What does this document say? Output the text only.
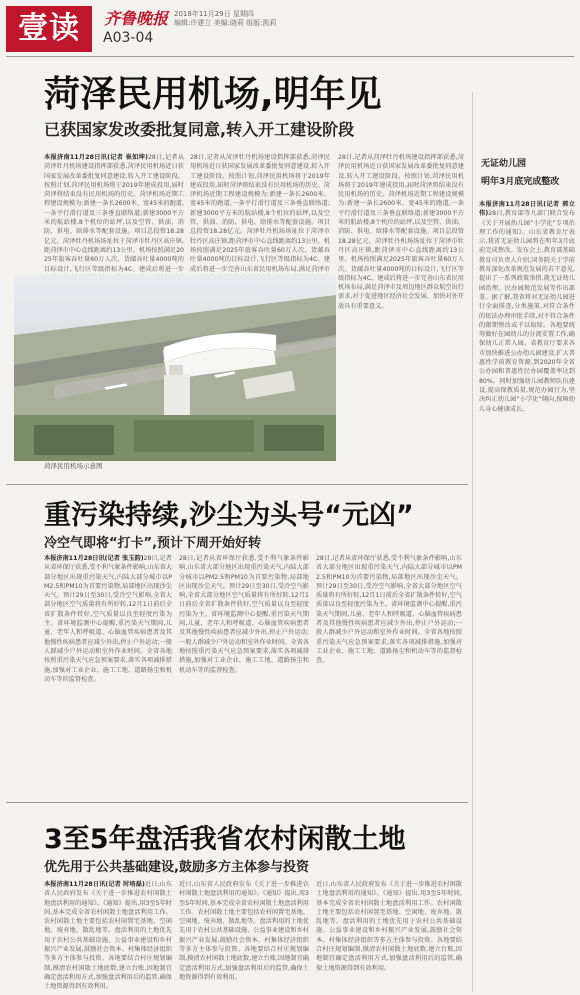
壹读	齐鲁晚报
A03-04
2018年11月29日 星期四
编辑:许建立 美编:晓莉 组版:凯莉
菏泽民用机场,明年见
已获国家发改委批复同意,转入开工建设阶段
本报济南11月28日讯(记者 崔如坤)28日,记者从菏泽牡丹机场建设指挥部获悉,菏泽民用机场近日获国家发展改革委批复同意建设,转入开工建设阶段。按照计划,菏泽民用机场将于2019年建成投用,届时菏泽将结束没有民用机场的历史。菏泽机场近期工程建设规模为:新建一条长2600米、宽45米的跑道,一条平行滑行道及三条垂直联络道;新建3000平方米的航站楼,8个机位的站坪,以及空管、供油、消防、供电、给排水等配套设施。项目总投资18.28亿元。菏泽牡丹机场场址位于菏泽市牡丹区高庄镇,距菏泽市中心直线距离约13公里。机场按照满足2025年旅客吞吐量60万人次、货邮吞吐量4000吨的目标设计,飞行区等级指标为4C。建成后将进一步
28日,记者从菏泽牡丹机场建设指挥部获悉,菏泽民用机场近日获国家发展改革委批复同意建设,转入开工建设阶段。按照计划,菏泽民用机场将于2019年建成投用,届时菏泽将结束没有民用机场的历史。菏泽机场近期工程建设规模为:新建一条长2600米、宽45米的跑道,一条平行滑行道及三条垂直联络道;新建3000平方米的航站楼,8个机位的站坪,以及空管、供油、消防、供电、给排水等配套设施。项目总投资18.28亿元。菏泽牡丹机场场址位于菏泽市牡丹区高庄镇,距菏泽市中心直线距离约13公里。机场按照满足2025年旅客吞吐量60万人次、货邮吞吐量4000吨的目标设计,飞行区等级指标为4C。建成后将进一步完善山东省民用机场布局,满足菏泽市
28日,记者从菏泽牡丹机场建设指挥部获悉,菏泽民用机场近日获国家发展改革委批复同意建设,转入开工建设阶段。按照计划,菏泽民用机场将于2019年建成投用,届时菏泽将结束没有民用机场的历史。菏泽机场近期工程建设规模为:新建一条长2600米、宽45米的跑道,一条平行滑行道及三条垂直联络道;新建3000平方米的航站楼,8个机位的站坪,以及空管、供油、消防、供电、给排水等配套设施。项目总投资18.28亿元。菏泽牡丹机场场址位于菏泽市牡丹区高庄镇,距菏泽市中心直线距离约13公里。机场按照满足2025年旅客吞吐量60万人次、货邮吞吐量4000吨的目标设计,飞行区等级指标为4C。建成后将进一步完善山东省民用机场布局,满足菏泽市及周边地区群众航空出行需求,对于促进地区经济社会发展、加快对外开放具有重要意义。
菏泽民用机场示意图
重污染持续,沙尘为头号“元凶”
冷空气即将“打卡”,预计下周开始好转
本报济南11月28日讯(记者 张玉韵)28日,记者从省环保厅获悉,受不利气象条件影响,山东省大部分地区出现重污染天气,内陆大部分城市以PM2.5和PM10为首要污染物,局部地区出现沙尘天气。预计29日至30日,受冷空气影响,全省大部分地区空气质量将有所好转,12月1日前后全省扩散条件转好,空气质量以良至轻度污染为主。省环境监测中心提醒,重污染天气期间,儿童、老年人和呼吸道、心脑血管疾病患者及其他慢性疾病患者应减少外出,停止户外运动;一般人群减少户外运动和室外作业时间。全省各地按照重污染天气应急预案要求,落实各项减排措施,加强对工业企业、施工工地、道路扬尘和机动车等的监督检查。
28日,记者从省环保厅获悉,受不利气象条件影响,山东省大部分地区出现重污染天气,内陆大部分城市以PM2.5和PM10为首要污染物,局部地区出现沙尘天气。预计29日至30日,受冷空气影响,全省大部分地区空气质量将有所好转,12月1日前后全省扩散条件转好,空气质量以良至轻度污染为主。省环境监测中心提醒,重污染天气期间,儿童、老年人和呼吸道、心脑血管疾病患者及其他慢性疾病患者应减少外出,停止户外运动;一般人群减少户外运动和室外作业时间。全省各地按照重污染天气应急预案要求,落实各项减排措施,加强对工业企业、施工工地、道路扬尘和机动车等的监督检查。
28日,记者从省环保厅获悉,受不利气象条件影响,山东省大部分地区出现重污染天气,内陆大部分城市以PM2.5和PM10为首要污染物,局部地区出现沙尘天气。预计29日至30日,受冷空气影响,全省大部分地区空气质量将有所好转,12月1日前后全省扩散条件转好,空气质量以良至轻度污染为主。省环境监测中心提醒,重污染天气期间,儿童、老年人和呼吸道、心脑血管疾病患者及其他慢性疾病患者应减少外出,停止户外运动;一般人群减少户外运动和室外作业时间。全省各地按照重污染天气应急预案要求,落实各项减排措施,加强对工业企业、施工工地、道路扬尘和机动车等的监督检查。
3至5年盘活我省农村闲散土地
优先用于公共基础建设,鼓励多方主体参与投资
本报济南11月28日讯(记者 时培磊)近日,山东省人民政府发布《关于进一步推进农村闲散土地盘活利用的通知》。《通知》提出,用3至5年时间,基本完成全省农村闲散土地盘活利用工作。农村闲散土地主要包括农村闲置宅基地、空闲地、废弃地、散乱地等。盘活利用的土地优先用于农村公共基础设施、公益事业建设和乡村振兴产业发展,鼓励社会资本、村集体经济组织等多方主体参与投资。各地要结合村庄规划编制,摸清农村闲散土地底数,建立台账,因地制宜确定盘活利用方式,加强盘活利用后的监管,确保土地资源得到有效利用。
近日,山东省人民政府发布《关于进一步推进农村闲散土地盘活利用的通知》。《通知》提出,用3至5年时间,基本完成全省农村闲散土地盘活利用工作。农村闲散土地主要包括农村闲置宅基地、空闲地、废弃地、散乱地等。盘活利用的土地优先用于农村公共基础设施、公益事业建设和乡村振兴产业发展,鼓励社会资本、村集体经济组织等多方主体参与投资。各地要结合村庄规划编制,摸清农村闲散土地底数,建立台账,因地制宜确定盘活利用方式,加强盘活利用后的监管,确保土地资源得到有效利用。
近日,山东省人民政府发布《关于进一步推进农村闲散土地盘活利用的通知》。《通知》提出,用3至5年时间,基本完成全省农村闲散土地盘活利用工作。农村闲散土地主要包括农村闲置宅基地、空闲地、废弃地、散乱地等。盘活利用的土地优先用于农村公共基础设施、公益事业建设和乡村振兴产业发展,鼓励社会资本、村集体经济组织等多方主体参与投资。各地要结合村庄规划编制,摸清农村闲散土地底数,建立台账,因地制宜确定盘活利用方式,加强盘活利用后的监管,确保土地资源得到有效利用。
无证幼儿园
明年3月底完成整改
本报济南11月28日讯(记者 郭立伟)28日,教育部等九部门联合发布《关于开展幼儿园“小学化”专项治理工作的通知》。山东省教育厅表示,我省无证幼儿园将在明年3月底前完成整改。发布会上,教育部基础教育司负责人介绍,国务院关于学前教育深化改革规范发展的若干意见,提出了一系列政策举措,就无证幼儿园治理、民办园规范发展等作出部署。据了解,我省将对无证幼儿园进行全面排查,分类施策,对符合条件的依法办理审批手续,对不符合条件的限期整改或予以取缔。各地要统筹做好在园幼儿的分流安置工作,确保幼儿正常入园。省教育厅要求各市加快推进公办幼儿园建设,扩大普惠性学前教育资源,到2020年全省公办园和普惠性民办园覆盖率达到80%。同时加强幼儿园教师队伍建设,提高保教质量,规范办园行为,坚决纠正幼儿园“小学化”倾向,保障幼儿身心健康成长。
